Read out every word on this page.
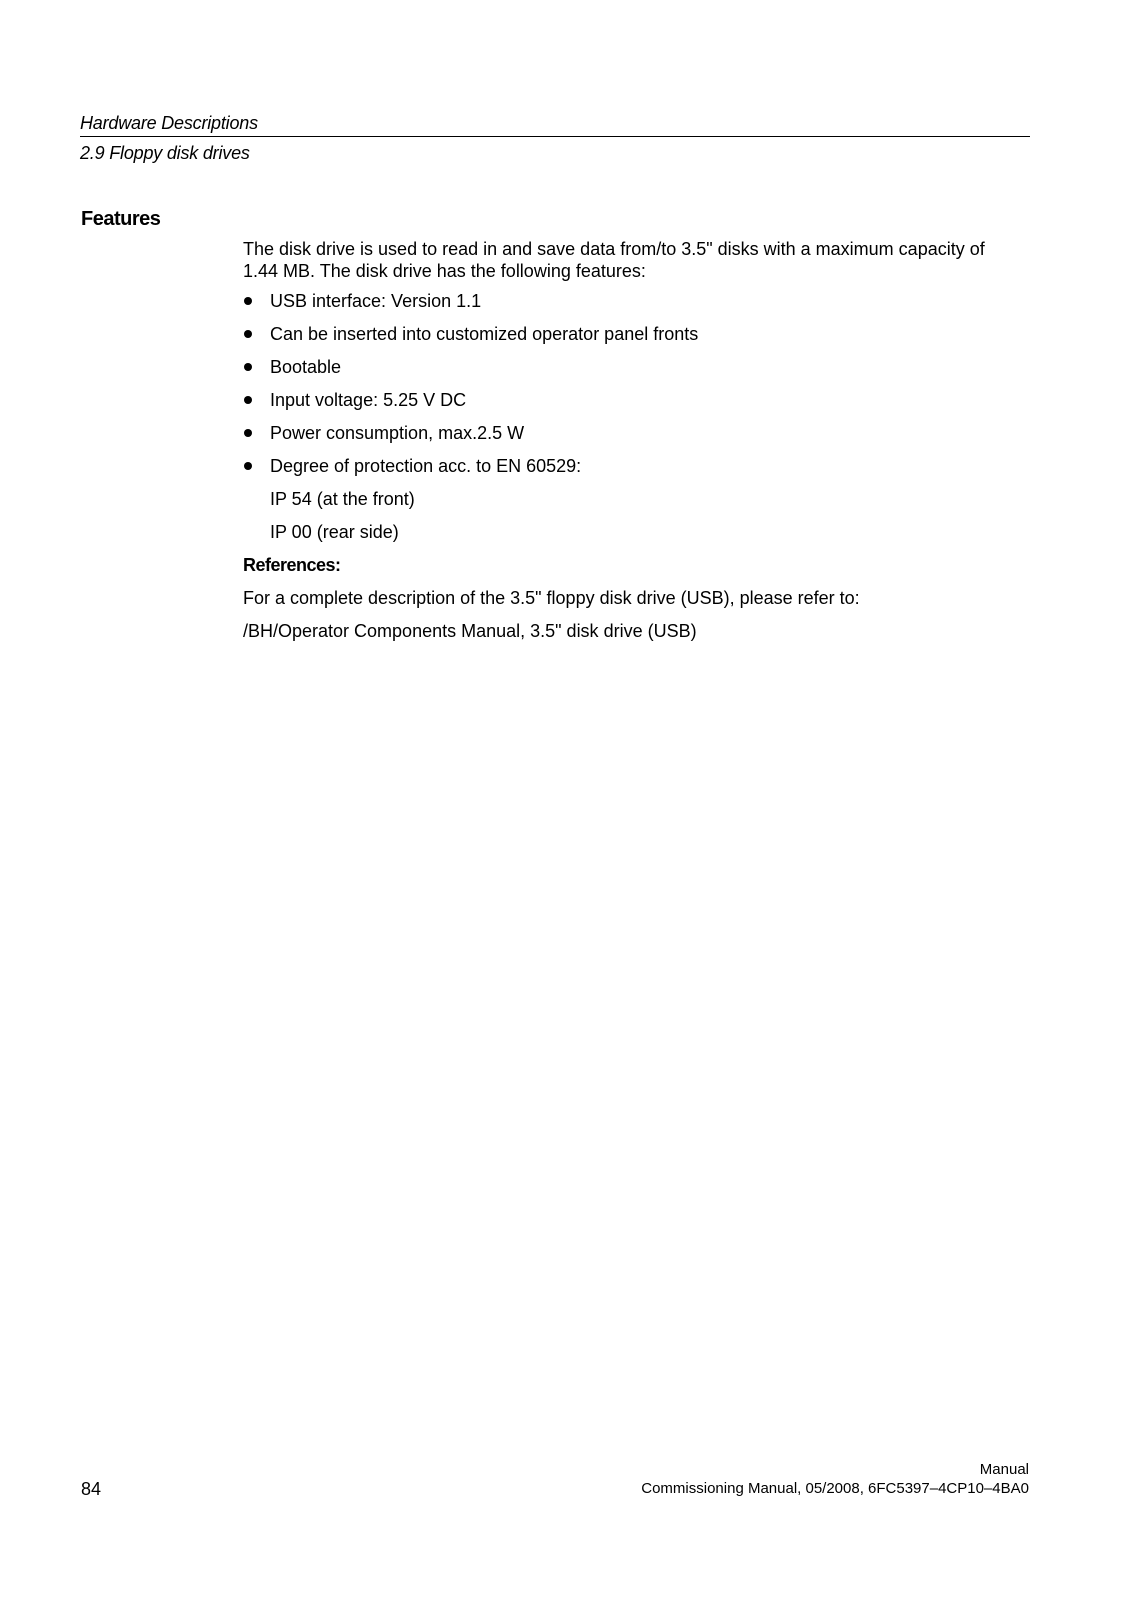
Hardware Descriptions
2.9 Floppy disk drives
Features

The disk drive is used to read in and save data from/to 3.5" disks with a maximum capacity of 1.44 MB. The disk drive has the following features:

USB interface: Version 1.1
Can be inserted into customized operator panel fronts
Bootable
Input voltage: 5.25 V DC
Power consumption, max.2.5 W
Degree of protection acc. to EN 60529:
IP 54 (at the front)
IP 00 (rear side)

References:

For a complete description of the 3.5" floppy disk drive (USB), please refer to:

/BH/Operator Components Manual, 3.5" disk drive (USB)

84
Manual
Commissioning Manual, 05/2008, 6FC5397–4CP10–4BA0
